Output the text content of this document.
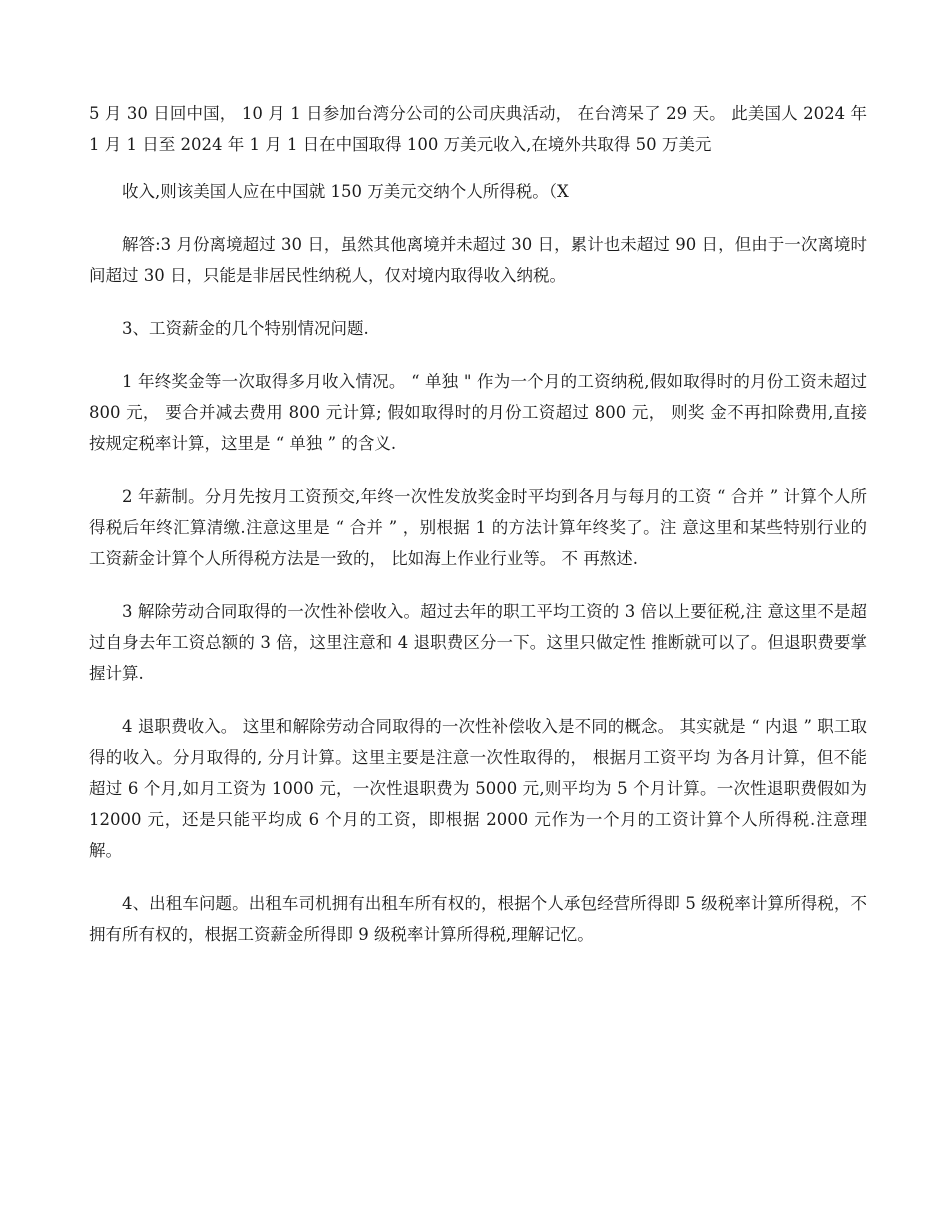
5 月 30 日回中国， 10 月 1 日参加台湾分公司的公司庆典活动， 在台湾呆了 29 天。 此美国人 2024 年 1 月 1 日至 2024 年 1 月 1 日在中国取得 100 万美元收入,在境外共取得 50 万美元

收入,则该美国人应在中国就 150 万美元交纳个人所得税。（X

解答:3 月份离境超过 30 日，虽然其他离境并未超过 30 日，累计也未超过 90 日，但由于一次离境时间超过 30 日，只能是非居民性纳税人，仅对境内取得收入纳税。

3、工资薪金的几个特别情况问题.

1 年终奖金等一次取得多月收入情况。 “ 单独 " 作为一个月的工资纳税,假如取得时的月份工资未超过 800 元， 要合并减去费用 800 元计算; 假如取得时的月份工资超过 800 元， 则奖 金不再扣除费用,直接按规定税率计算，这里是 “ 单独 ” 的含义.

2 年薪制。分月先按月工资预交,年终一次性发放奖金时平均到各月与每月的工资 “ 合并 ” 计算个人所得税后年终汇算清缴.注意这里是 “ 合并 ” ，别根据 1 的方法计算年终奖了。注 意这里和某些特别行业的工资薪金计算个人所得税方法是一致的， 比如海上作业行业等。 不 再熬述.

3 解除劳动合同取得的一次性补偿收入。超过去年的职工平均工资的 3 倍以上要征税,注 意这里不是超过自身去年工资总额的 3 倍，这里注意和 4 退职费区分一下。这里只做定性 推断就可以了。但退职费要掌握计算.

4 退职费收入。 这里和解除劳动合同取得的一次性补偿收入是不同的概念。 其实就是 “ 内退 ” 职工取得的收入。分月取得的, 分月计算。这里主要是注意一次性取得的， 根据月工资平均 为各月计算，但不能超过 6 个月,如月工资为 1000 元，一次性退职费为 5000 元,则平均为 5 个月计算。一次性退职费假如为 12000 元，还是只能平均成 6 个月的工资，即根据 2000 元作为一个月的工资计算个人所得税.注意理解。

4、出租车问题。出租车司机拥有出租车所有权的，根据个人承包经营所得即 5 级税率计算所得税，不拥有所有权的，根据工资薪金所得即 9 级税率计算所得税,理解记忆。
